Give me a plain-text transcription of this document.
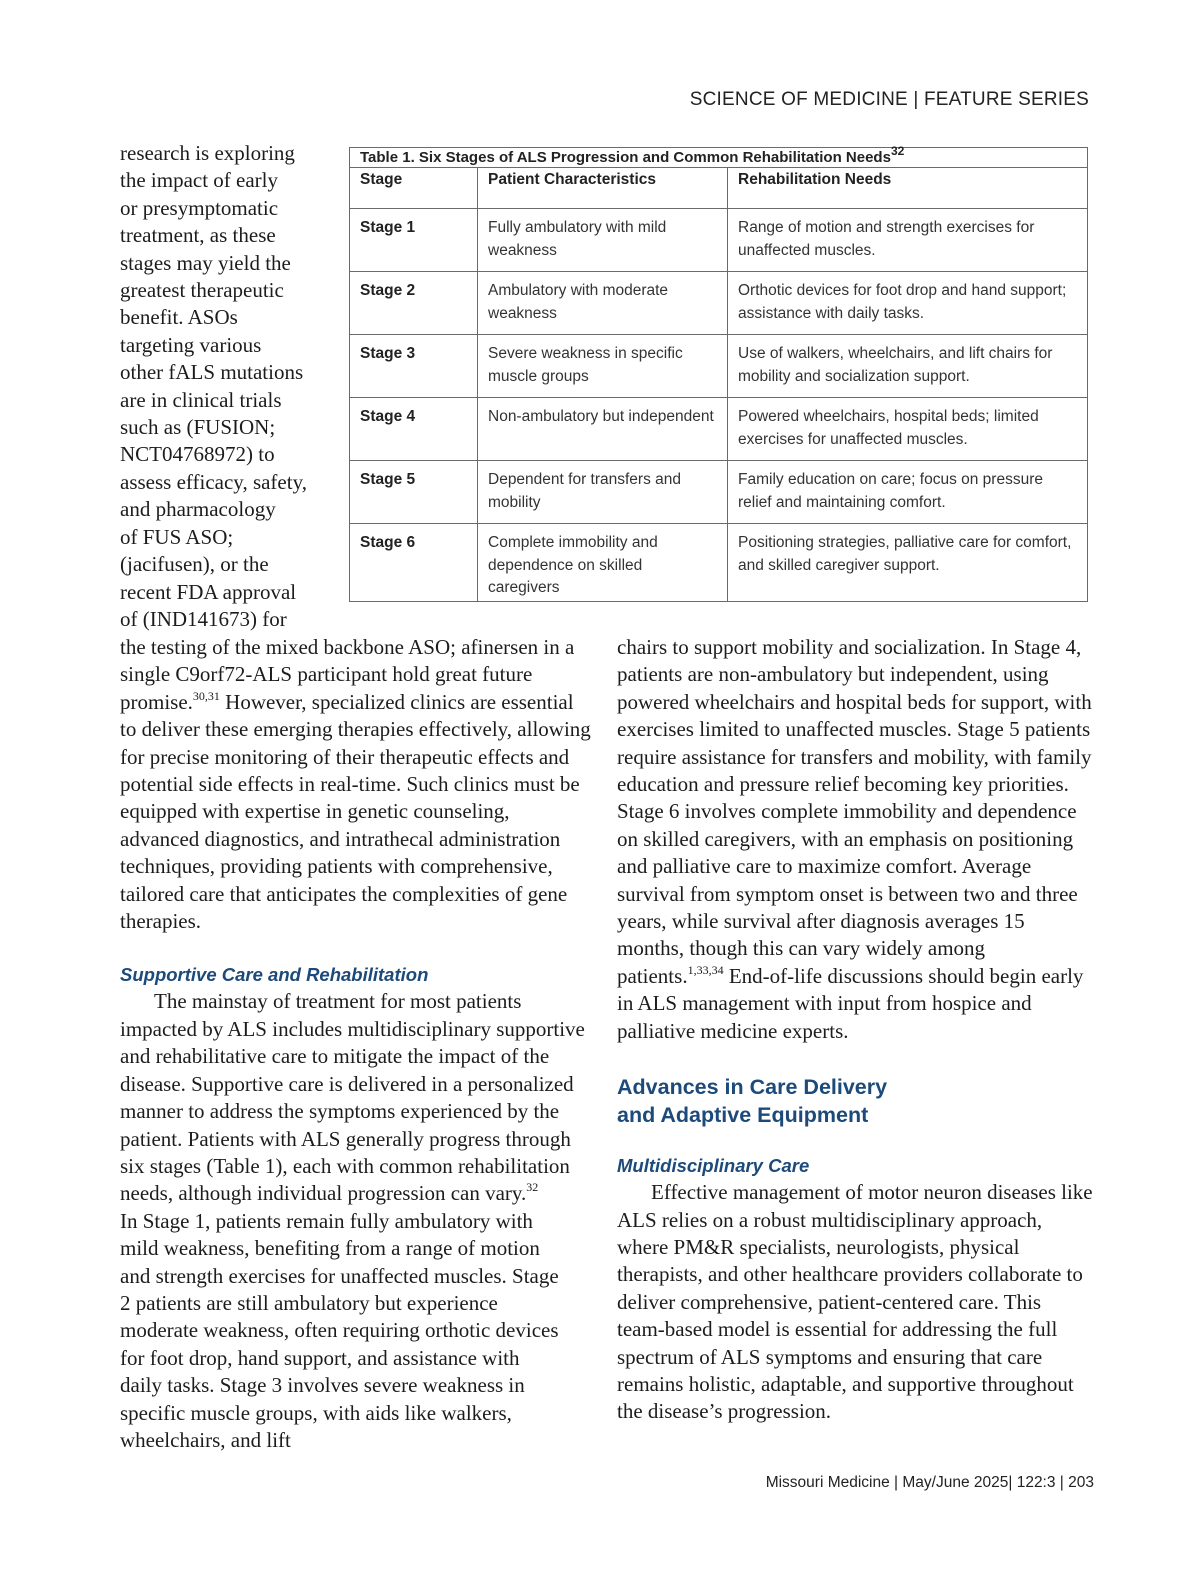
SCIENCE OF MEDICINE | FEATURE SERIES
research is exploring
the impact of early
or presymptomatic
treatment, as these
stages may yield the
greatest therapeutic
benefit. ASOs
targeting various
other fALS mutations
are in clinical trials
such as (FUSION;
NCT04768972) to
assess efficacy, safety,
and pharmacology
of FUS ASO;
(jacifusen), or the
recent FDA approval
of (IND141673) for
Table 1. Six Stages of ALS Progression and Common Rehabilitation Needs$^{32}$
Stage	Patient Characteristics	Rehabilitation Needs
Stage 1	Fully ambulatory with mild weakness	Range of motion and strength exercises for unaffected muscles.
Stage 2	Ambulatory with moderate weakness	Orthotic devices for foot drop and hand support; assistance with daily tasks.
Stage 3	Severe weakness in specific muscle groups	Use of walkers, wheelchairs, and lift chairs for mobility and socialization support.
Stage 4	Non-ambulatory but independent	Powered wheelchairs, hospital beds; limited exercises for unaffected muscles.
Stage 5	Dependent for transfers and mobility	Family education on care; focus on pressure relief and maintaining comfort.
Stage 6	Complete immobility and dependence on skilled caregivers	Positioning strategies, palliative care for comfort, and skilled caregiver support.

the testing of the mixed backbone ASO; afinersen in a single C9orf72-ALS participant hold great future promise.$^{30,31}$ However, specialized clinics are essential to deliver these emerging therapies effectively, allowing for precise monitoring of their therapeutic effects and potential side effects in real-time. Such clinics must be equipped with expertise in genetic counseling, advanced diagnostics, and intrathecal administration techniques, providing patients with comprehensive, tailored care that anticipates the complexities of gene therapies.

Supportive Care and Rehabilitation

The mainstay of treatment for most patients impacted by ALS includes multidisciplinary supportive and rehabilitative care to mitigate the impact of the disease. Supportive care is delivered in a personalized manner to address the symptoms experienced by the patient. Patients with ALS generally progress through six stages (Table 1), each with common rehabilitation needs, although individual progression can vary.$^{32}$

In Stage 1, patients remain fully ambulatory with mild weakness, benefiting from a range of motion and strength exercises for unaffected muscles. Stage 2 patients are still ambulatory but experience moderate weakness, often requiring orthotic devices for foot drop, hand support, and assistance with daily tasks. Stage 3 involves severe weakness in specific muscle groups, with aids like walkers, wheelchairs, and lift

chairs to support mobility and socialization. In Stage 4, patients are non-ambulatory but independent, using powered wheelchairs and hospital beds for support, with exercises limited to unaffected muscles. Stage 5 patients require assistance for transfers and mobility, with family education and pressure relief becoming key priorities. Stage 6 involves complete immobility and dependence on skilled caregivers, with an emphasis on positioning and palliative care to maximize comfort. Average survival from symptom onset is between two and three years, while survival after diagnosis averages 15 months, though this can vary widely among patients.$^{1,33,34}$ End-of-life discussions should begin early in ALS management with input from hospice and palliative medicine experts.

Advances in Care Delivery
and Adaptive Equipment
Multidisciplinary Care

Effective management of motor neuron diseases like ALS relies on a robust multidisciplinary approach, where PM&R specialists, neurologists, physical therapists, and other healthcare providers collaborate to deliver comprehensive, patient-centered care. This team-based model is essential for addressing the full spectrum of ALS symptoms and ensuring that care remains holistic, adaptable, and supportive throughout the disease’s progression.

Missouri Medicine | May/June 2025| 122:3 | 203
